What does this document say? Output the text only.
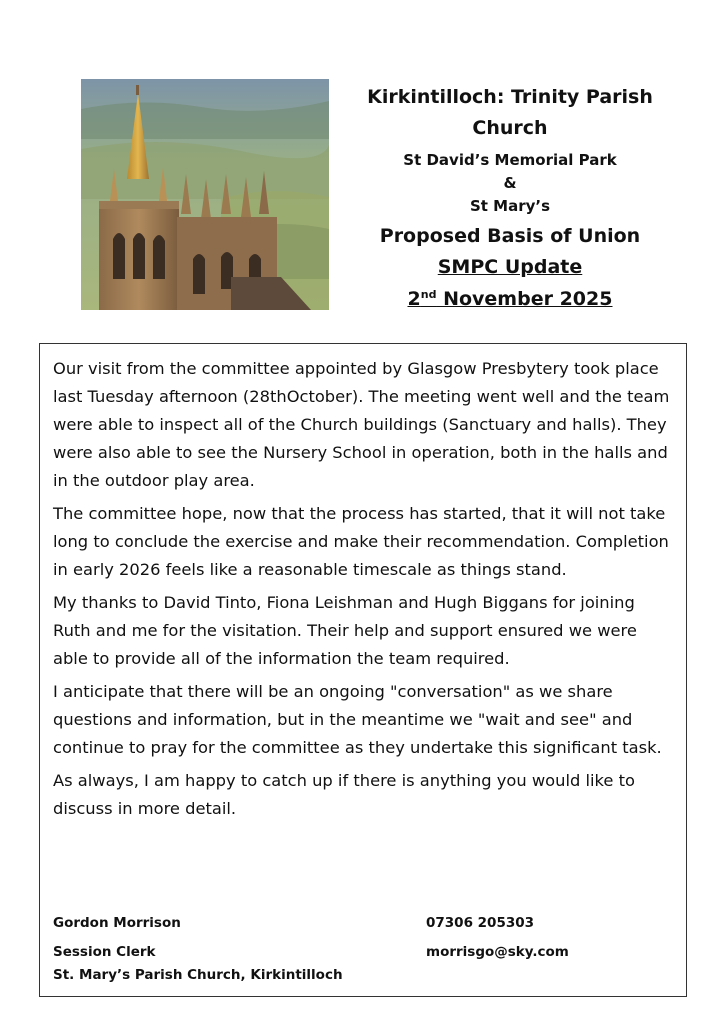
Kirkintilloch: Trinity Parish Church
St David’s Memorial Park
&
St Mary’s
Proposed Basis of Union
SMPC Update
2nd November 2025

Our visit from the committee appointed by Glasgow Presbytery took place last Tuesday afternoon (28thOctober). The meeting went well and the team were able to inspect all of the Church buildings (Sanctuary and halls). They were also able to see the Nursery School in operation, both in the halls and in the outdoor play area.

The committee hope, now that the process has started, that it will not take long to conclude the exercise and make their recommendation. Completion in early 2026 feels like a reasonable timescale as things stand.

My thanks to David Tinto, Fiona Leishman and Hugh Biggans for joining Ruth and me for the visitation. Their help and support ensured we were able to provide all of the information the team required.

I anticipate that there will be an ongoing "conversation" as we share questions and information, but in the meantime we "wait and see" and continue to pray for the committee as they undertake this significant task.

As always, I am happy to catch up if there is anything you would like to discuss in more detail.

Gordon Morrison
Session Clerk
St. Mary’s Parish Church, Kirkintilloch
07306 205303
morrisgo@sky.com
